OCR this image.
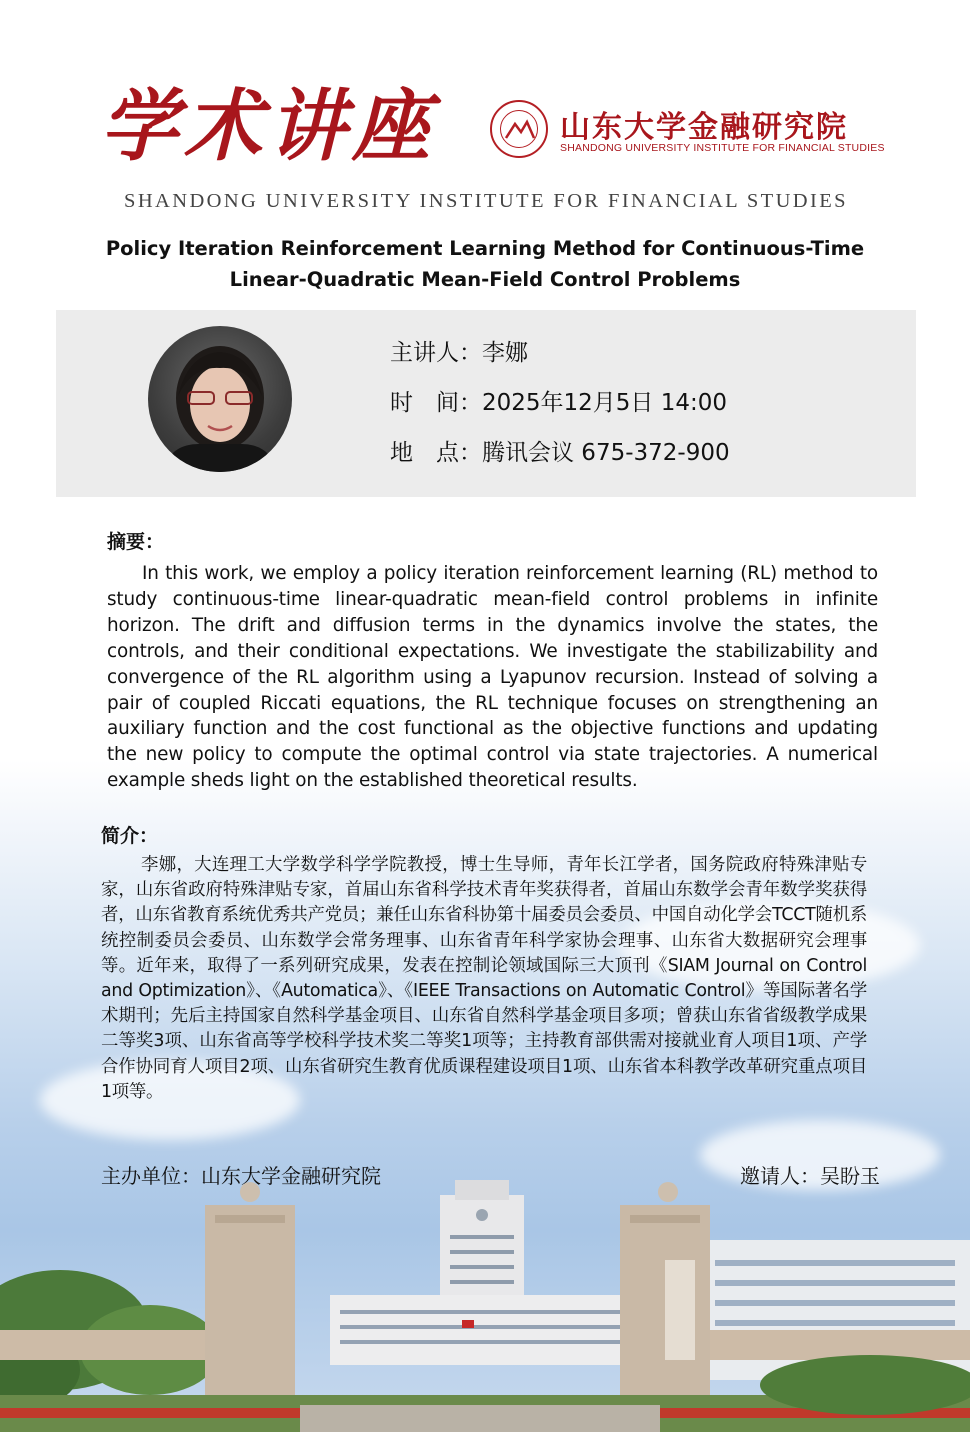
学术讲座	山东大学金融研究院
SHANDONG UNIVERSITY INSTITUTE FOR FINANCIAL STUDIES
SHANDONG UNIVERSITY INSTITUTE FOR FINANCIAL STUDIES
Policy Iteration Reinforcement Learning Method for Continuous-Time
Linear-Quadratic Mean-Field Control Problems
主讲人：李娜
时　间：2025年12月5日 14:00
地　点：腾讯会议 675-372-900
摘要：
In this work, we employ a policy iteration reinforcement learning (RL) method to study continuous-time linear-quadratic mean-field control problems in infinite horizon. The drift and diffusion terms in the dynamics involve the states, the controls, and their conditional expectations. We investigate the stabilizability and convergence of the RL algorithm using a Lyapunov recursion. Instead of solving a pair of coupled Riccati equations, the RL technique focuses on strengthening an auxiliary function and the cost functional as the objective functions and updating the new policy to compute the optimal control via state trajectories. A numerical example sheds light on the established theoretical results.
简介：
李娜，大连理工大学数学科学学院教授，博士生导师，青年长江学者，国务院政府特殊津贴专家，山东省政府特殊津贴专家，首届山东省科学技术青年奖获得者，首届山东数学会青年数学奖获得者，山东省教育系统优秀共产党员；兼任山东省科协第十届委员会委员、中国自动化学会TCCT随机系统控制委员会委员、山东数学会常务理事、山东省青年科学家协会理事、山东省大数据研究会理事等。近年来，取得了一系列研究成果，发表在控制论领域国际三大顶刊《SIAM Journal on Control and Optimization》、《Automatica》、《IEEE Transactions on Automatic Control》等国际著名学术期刊；先后主持国家自然科学基金项目、山东省自然科学基金项目多项；曾获山东省省级教学成果二等奖3项、山东省高等学校科学技术奖二等奖1项等；主持教育部供需对接就业育人项目1项、产学合作协同育人项目2项、山东省研究生教育优质课程建设项目1项、山东省本科教学改革研究重点项目1项等。
主办单位：山东大学金融研究院	邀请人：吴盼玉
